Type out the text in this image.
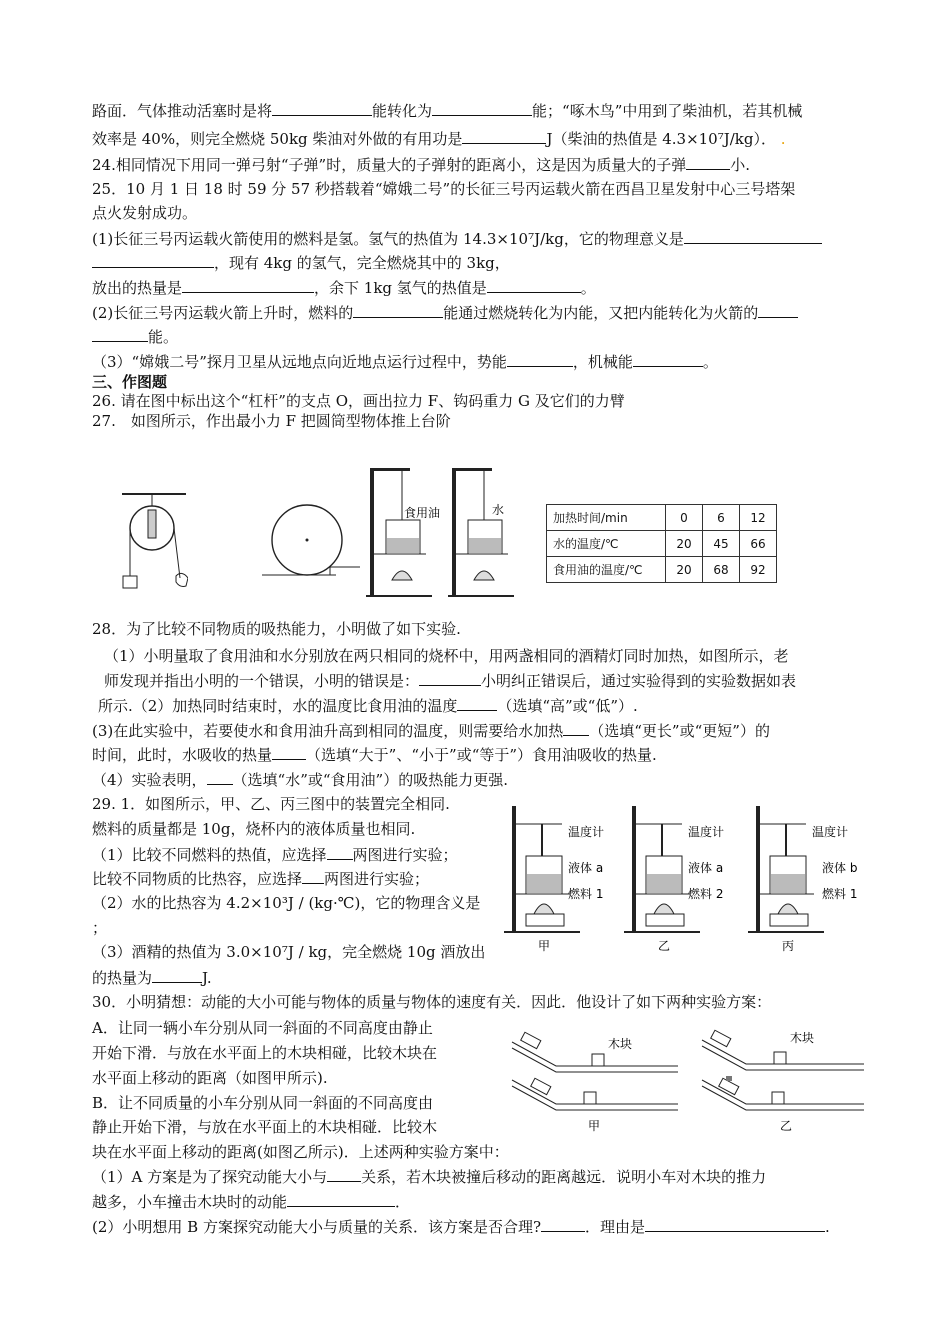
路面．气体推动活塞时是将	能转化为	能；“啄木鸟”中用到了柴油机，若其机械
效率是 40%，则完全燃烧 50kg 柴油对外做的有用功是	J（柴油的热值是 4.3×10⁷J/kg）． .
24.相同情况下用同一弹弓射“子弹”时，质量大的子弹射的距离小，这是因为质量大的子弹	小.
25．10 月 1 日 18 时 59 分 57 秒搭载着“嫦娥二号”的长征三号丙运载火箭在西昌卫星发射中心三号塔架
点火发射成功。
(1)长征三号丙运载火箭使用的燃料是氢。氢气的热值为 14.3×10⁷J/kg，它的物理意义是
，现有 4kg 的氢气，完全燃烧其中的 3kg，
放出的热量是	，余下 1kg 氢气的热值是	。
(2)长征三号丙运载火箭上升时，燃料的	能通过燃烧转化为内能，又把内能转化为火箭的
能。
（3）“嫦娥二号”探月卫星从远地点向近地点运行过程中，势能	，机械能	。
三、作图题
26. 请在图中标出这个“杠杆”的支点 O，画出拉力 F、钩码重力 G 及它们的力臂
27.　如图所示，作出最小力 F 把圆筒型物体推上台阶
食用油	水
加热时间/min	0	6	12
水的温度/℃	20	45	66
食用油的温度/℃	20	68	92
28．为了比较不同物质的吸热能力，小明做了如下实验.
（1）小明量取了食用油和水分别放在两只相同的烧杯中，用两盏相同的酒精灯同时加热，如图所示，老
师发现并指出小明的一个错误，小明的错误是：	小明纠正错误后，通过实验得到的实验数据如表
所示.（2）加热同时结束时，水的温度比食用油的温度	（选填“高”或“低”）.
(3)在此实验中，若要使水和食用油升高到相同的温度，则需要给水加热 （选填“更长”或“更短”）的
时间，此时，水吸收的热量 （选填“大于”、“小于”或“等于”）食用油吸收的热量.
（4）实验表明， （选填“水”或“食用油”）的吸热能力更强.
29. 1．如图所示，甲、乙、丙三图中的装置完全相同.
燃料的质量都是 10g，烧杯内的液体质量也相同.
（1）比较不同燃料的热值，应选择 两图进行实验；
比较不同物质的比热容，应选择 两图进行实验；
（2）水的比热容为 4.2×10³J / (kg·℃)，它的物理含义是
；
（3）酒精的热值为 3.0×10⁷J / kg，完全燃烧 10g 酒放出
的热量为	J.
温度计
液体 a
燃料 1
甲
温度计
液体 a
燃料 2
乙
温度计
液体 b
燃料 1
丙
30．小明猜想：动能的大小可能与物体的质量与物体的速度有关．因此．他设计了如下两种实验方案：
A．让同一辆小车分别从同一斜面的不同高度由静止
开始下滑．与放在水平面上的木块相碰，比较木块在
水平面上移动的距离（如图甲所示).
B．让不同质量的小车分别从同一斜面的不同高度由
静止开始下滑，与放在水平面上的木块相碰．比较木
块在水平面上移动的距离(如图乙所示)．上述两种实验方案中：
（1）A 方案是为了探究动能大小与 关系，若木块被撞后移动的距离越远．说明小车对木块的推力
越多，小车撞击木块时的动能	．
(2）小明想用 B 方案探究动能大小与质量的关系．该方案是否合理?	．理由是	.
木块
甲
木块
乙
